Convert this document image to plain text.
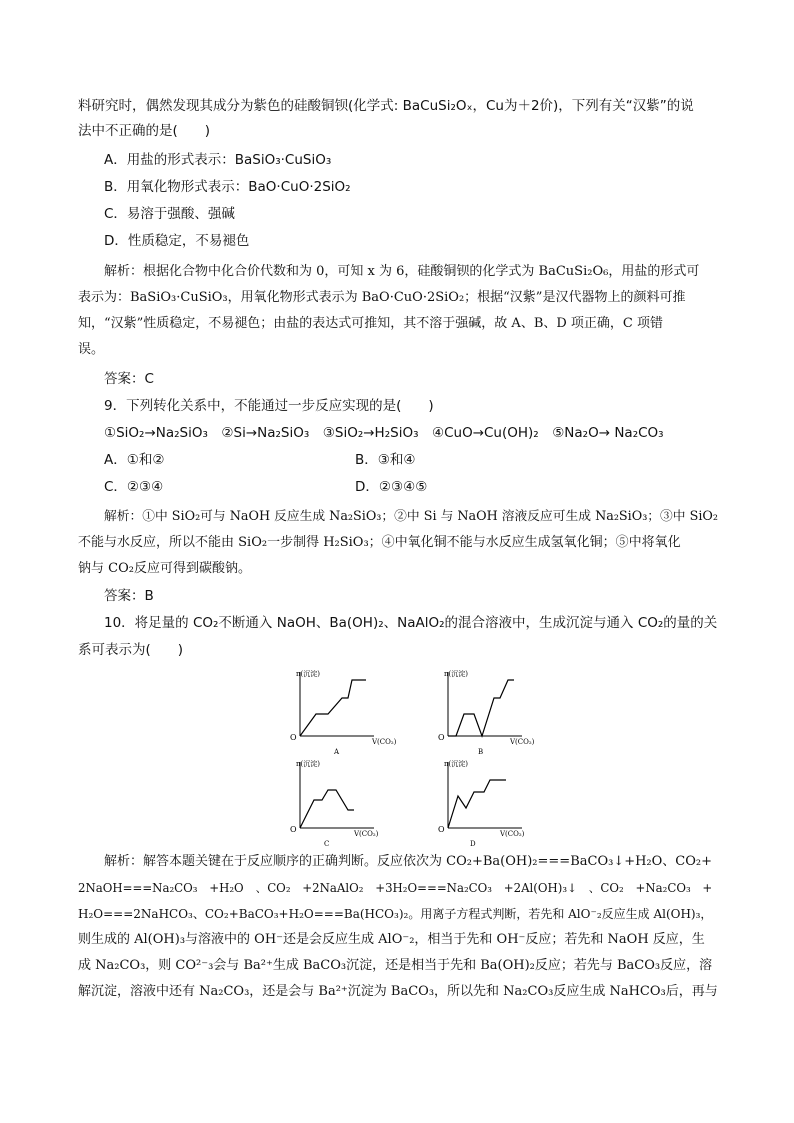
料研究时，偶然发现其成分为紫色的硅酸铜钡(化学式: BaCuSi₂Oₓ，Cu为＋2价)，下列有关“汉紫”的说
法中不正确的是(　　)
A．用盐的形式表示：BaSiO₃·CuSiO₃
B．用氧化物形式表示：BaO·CuO·2SiO₂
C．易溶于强酸、强碱
D．性质稳定，不易褪色
解析：根据化合物中化合价代数和为 0，可知 x 为 6，硅酸铜钡的化学式为 BaCuSi₂O₆，用盐的形式可
表示为：BaSiO₃·CuSiO₃，用氧化物形式表示为 BaO·CuO·2SiO₂；根据“汉紫”是汉代器物上的颜料可推
知，“汉紫”性质稳定，不易褪色；由盐的表达式可推知，其不溶于强碱，故 A、B、D 项正确，C 项错
误。
答案：C
9．下列转化关系中，不能通过一步反应实现的是(　　)
①SiO₂→Na₂SiO₃　②Si→Na₂SiO₃　③SiO₂→H₂SiO₃　④CuO→Cu(OH)₂　⑤Na₂O→ Na₂CO₃
A．①和②	B．③和④
C．②③④	D．②③④⑤
解析：①中 SiO₂可与 NaOH 反应生成 Na₂SiO₃；②中 Si 与 NaOH 溶液反应可生成 Na₂SiO₃；③中 SiO₂
不能与水反应，所以不能由 SiO₂一步制得 H₂SiO₃；④中氧化铜不能与水反应生成氢氧化铜；⑤中将氧化
钠与 CO₂反应可得到碳酸钠。
答案：B
10．将足量的 CO₂不断通入 NaOH、Ba(OH)₂、NaAlO₂的混合溶液中，生成沉淀与通入 CO₂的量的关
系可表示为(　　)
n(沉淀)
V(CO₂)
O
A
n(沉淀)
V(CO₂)
O
B
n(沉淀)
V(CO₂)
O
C
n(沉淀)
V(CO₂)
O
D
解析：解答本题关键在于反应顺序的正确判断。反应依次为 CO₂+Ba(OH)₂===BaCO₃↓+H₂O、CO₂+
2NaOH===Na₂CO₃　+H₂O　、CO₂　+2NaAlO₂　+3H₂O===Na₂CO₃　+2Al(OH)₃↓　、CO₂　+Na₂CO₃　+
H₂O===2NaHCO₃、CO₂+BaCO₃+H₂O===Ba(HCO₃)₂。用离子方程式判断，若先和 AlO⁻₂反应生成 Al(OH)₃，
则生成的 Al(OH)₃与溶液中的 OH⁻还是会反应生成 AlO⁻₂，相当于先和 OH⁻反应；若先和 NaOH 反应，生
成 Na₂CO₃，则 CO²⁻₃会与 Ba²⁺生成 BaCO₃沉淀，还是相当于先和 Ba(OH)₂反应；若先与 BaCO₃反应，溶
解沉淀，溶液中还有 Na₂CO₃，还是会与 Ba²⁺沉淀为 BaCO₃，所以先和 Na₂CO₃反应生成 NaHCO₃后，再与
